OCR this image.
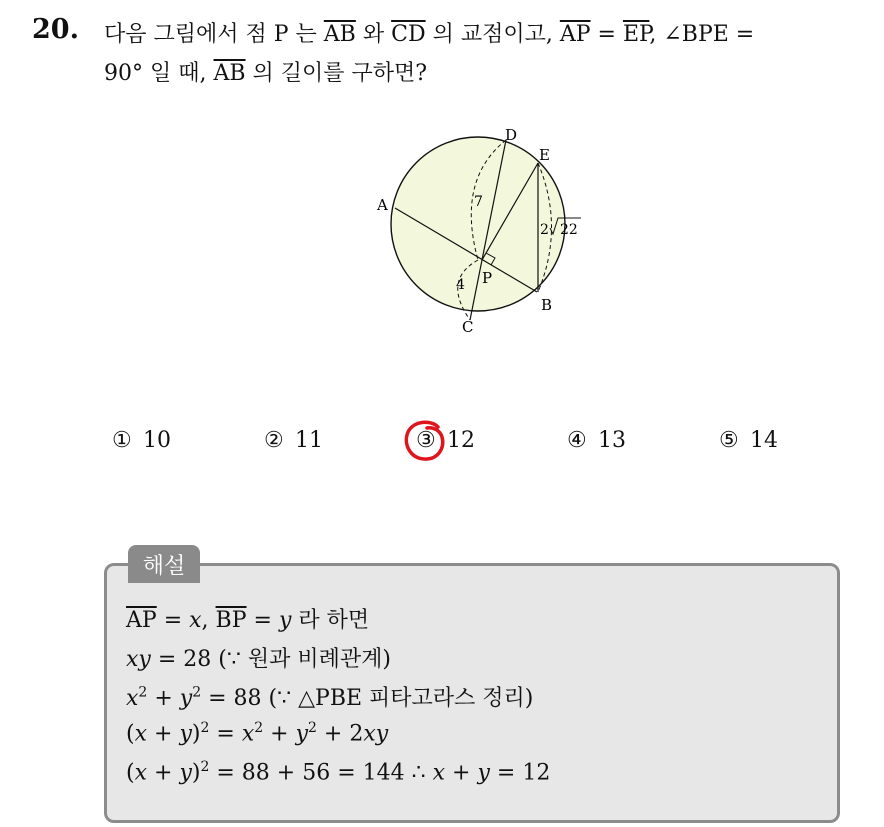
20. 다음 그림에서 점 P 는 $\overline{AB}$ 와 $\overline{CD}$ 의 교점이고, $\overline{AP} = \overline{EP}$, ∠BPE =
90° 일 때, $\overline{AB}$ 의 길이를 구하면?
A
B
C
D
E
P
7
4
2 22
① 10	② 11	③ 12	④ 13	⑤ 14
해설
$\overline{AP} = x$, $\overline{BP} = y$ 라 하면
xy = 28 (∵ 원과 비례관계)
$x^2 + y^2 = 88$ (∵ △PBE 피타고라스 정리)
$(x + y)^2 = x^2 + y^2 + 2xy$
$(x + y)^2 = 88 + 56 = 144$ ∴ x + y = 12
